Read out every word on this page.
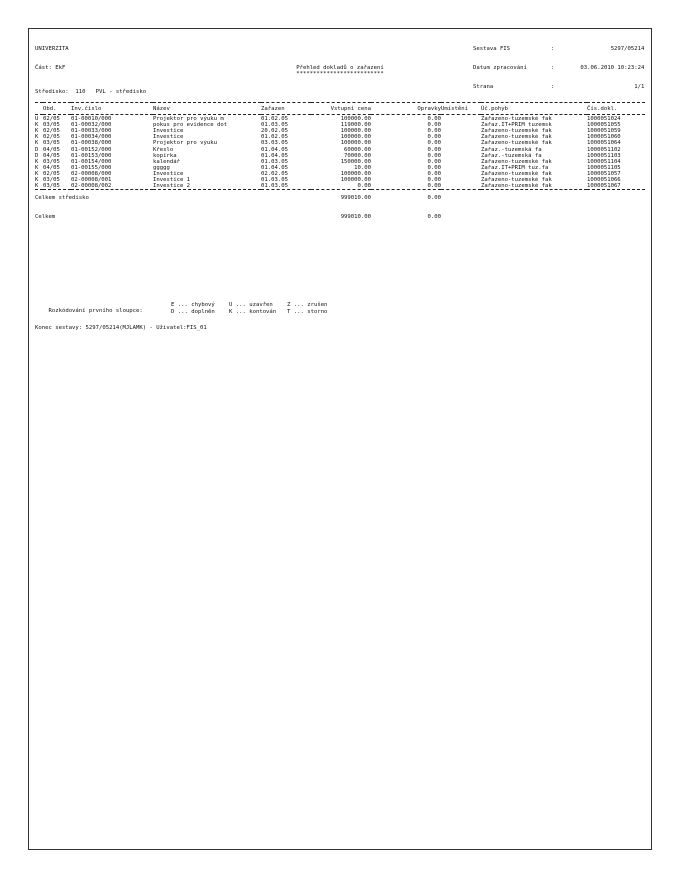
UNIVERZITA

Část: EkF

Sestava FIS	:	5297/05214

Datum zpracování	:	03.06.2010 10:23:24

Strana	:	1/1

Přehled dokladů o zařazení
**************************
Středisko:  110   PVL - středisko

	Obd.	Inv.číslo	Název	Zařazen	Vstupní cena	Opravky	Umístění	Úč.pohyb	Čís.dokl.

U	02/05	01-00010/000	Projektor pro výuku m	01.02.05	100000.00	0.00		Zařazeno-tuzemské fak	1000051024
K	03/05	01-00032/000	pokus pro evidence dot	01.03.05	119000.00	0.00		Zařaz.IT+PRIM tuzemsk	1000051055
K	02/05	01-00033/000	Investice	20.02.05	100000.00	0.00		Zařazeno-tuzemské fak	1000051059
K	02/05	01-00034/000	Investice	01.02.05	100000.00	0.00		Zařazeno-tuzemské fak	1000051060
K	03/05	01-00038/000	Projektor pro výuku	03.03.05	100000.00	0.00		Zařazeno-tuzemské fak	1000051064
D	04/05	01-00152/000	Křeslo	01.04.05	60000.00	0.00		Zařaz.-tuzemská fa	1000051102
D	04/05	01-00153/000	kopírka	01.04.05	70000.00	0.00		Zařaz.-tuzemská fa	1000051103
K	03/05	01-00154/000	kalendář	01.03.05	150000.00	0.00		Zařazeno-tuzemské fak	1000051104
K	04/05	01-00155/000	ggggg	01.04.05	10.00	0.00		Zařaz.IT+PRIM tuz.fa	1000051105
K	02/05	02-00008/000	Investice	02.02.05	100000.00	0.00		Zařazeno-tuzemské fak	1000051057
K	03/05	02-00008/001	Investice 1	01.03.05	100000.00	0.00		Zařazeno-tuzemské fak	1000051066
K	03/05	02-00008/002	Investice 2	01.03.05	0.00	0.00		Zařazeno-tuzemské fak	1000051067

Celkem středisko	999010.00	0.00
Celkem	999010.00	0.00

Rozkódování prvního sloupce:

E ... chybový	U ... uzavřen	Z ... zrušen
D ... doplněn	K ... kontován T ... storno

Konec sestavy: 5297/05214(MJLAMK) - Uživatel:FIS_01
